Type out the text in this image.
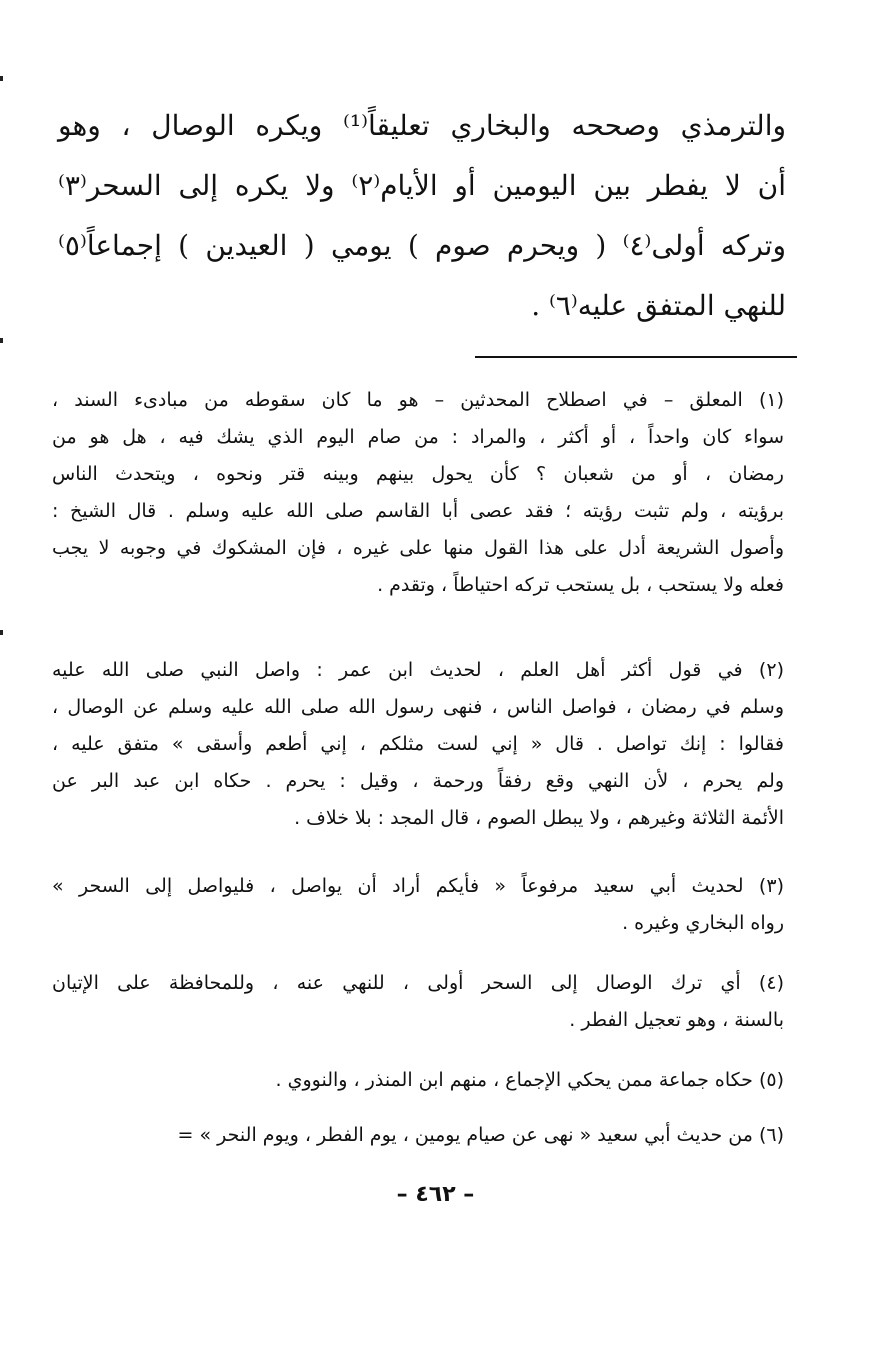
والترمذي وصححه والبخاري تعليقاً⁽¹⁾ ويكره الوصال ، وهو
أن لا يفطر بين اليومين أو الأيام⁽٢⁾ ولا يكره إلى السحر⁽٣⁾
وتركه أولى⁽٤⁾ ( ويحرم صوم ) يومي ( العيدين ) إجماعاً⁽٥⁾
للنهي المتفق عليه⁽٦⁾ .
(١) المعلق – في اصطلاح المحدثين – هو ما كان سقوطه من مبادىء السند ،
سواء كان واحداً ، أو أكثر ، والمراد : من صام اليوم الذي يشك فيه ، هل هو من
رمضان ، أو من شعبان ؟ كأن يحول بينهم وبينه قتر ونحوه ، ويتحدث الناس
برؤيته ، ولم تثبت رؤيته ؛ فقد عصى أبا القاسم صلى الله عليه وسلم . قال الشيخ :
وأصول الشريعة أدل على هذا القول منها على غيره ، فإن المشكوك في وجوبه لا يجب
فعله ولا يستحب ، بل يستحب تركه احتياطاً ، وتقدم .
(٢) في قول أكثر أهل العلم ، لحديث ابن عمر : واصل النبي صلى الله عليه
وسلم في رمضان ، فواصل الناس ، فنهى رسول الله صلى الله عليه وسلم عن الوصال ،
فقالوا : إنك تواصل . قال « إني لست مثلكم ، إني أطعم وأسقى » متفق عليه ،
ولم يحرم ، لأن النهي وقع رفقاً ورحمة ، وقيل : يحرم . حكاه ابن عبد البر عن
الأئمة الثلاثة وغيرهم ، ولا يبطل الصوم ، قال المجد : بلا خلاف .
(٣) لحديث أبي سعيد مرفوعاً « فأيكم أراد أن يواصل ، فليواصل إلى السحر »
رواه البخاري وغيره .
(٤) أي ترك الوصال إلى السحر أولى ، للنهي عنه ، وللمحافظة على الإتيان
بالسنة ، وهو تعجيل الفطر .
(٥) حكاه جماعة ممن يحكي الإجماع ، منهم ابن المنذر ، والنووي .
(٦) من حديث أبي سعيد « نهى عن صيام يومين ، يوم الفطر ، ويوم النحر » =
– ٤٦٢ –
